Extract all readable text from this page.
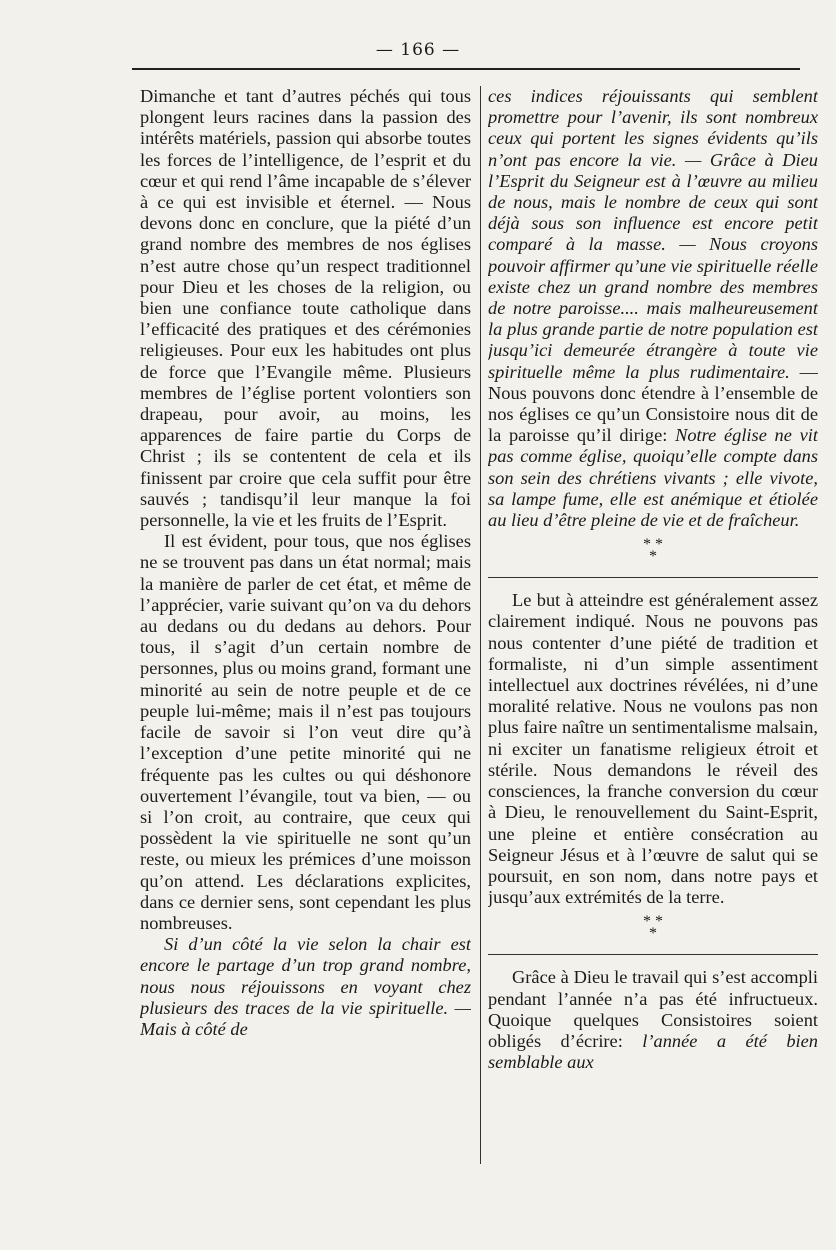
— 166 —

Dimanche et tant d’autres péchés qui tous plongent leurs racines dans la passion des intérêts matériels, passion qui absorbe toutes les forces de l’intelligence, de l’esprit et du cœur et qui rend l’âme incapable de s’élever à ce qui est invisible et éternel. — Nous devons donc en conclure, que la piété d’un grand nombre des membres de nos églises n’est autre chose qu’un respect traditionnel pour Dieu et les choses de la religion, ou bien une confiance toute catholique dans l’efficacité des pratiques et des cérémonies religieuses. Pour eux les habitudes ont plus de force que l’Evangile même. Plusieurs membres de l’église portent volontiers son drapeau, pour avoir, au moins, les apparences de faire partie du Corps de Christ ; ils se contentent de cela et ils finissent par croire que cela suffit pour être sauvés ; tandisqu’il leur manque la foi personnelle, la vie et les fruits de l’Esprit.

Il est évident, pour tous, que nos églises ne se trouvent pas dans un état normal; mais la manière de parler de cet état, et même de l’apprécier, varie suivant qu’on va du dehors au dedans ou du dedans au dehors. Pour tous, il s’agit d’un certain nombre de personnes, plus ou moins grand, formant une minorité au sein de notre peuple et de ce peuple lui-même; mais il n’est pas toujours facile de savoir si l’on veut dire qu’à l’exception d’une petite minorité qui ne fréquente pas les cultes ou qui déshonore ouvertement l’évangile, tout va bien, — ou si l’on croit, au contraire, que ceux qui possèdent la vie spirituelle ne sont qu’un reste, ou mieux les prémices d’une moisson qu’on attend. Les déclarations explicites, dans ce dernier sens, sont cependant les plus nombreuses.

Si d’un côté la vie selon la chair est encore le partage d’un trop grand nombre, nous nous réjouissons en voyant chez plusieurs des traces de la vie spirituelle. — Mais à côté de

ces indices réjouissants qui semblent promettre pour l’avenir, ils sont nombreux ceux qui portent les signes évidents qu’ils n’ont pas encore la vie. — Grâce à Dieu l’Esprit du Seigneur est à l’œuvre au milieu de nous, mais le nombre de ceux qui sont déjà sous son influence est encore petit comparé à la masse. — Nous croyons pouvoir affirmer qu’une vie spirituelle réelle existe chez un grand nombre des membres de notre paroisse.... mais malheureusement la plus grande partie de notre population est jusqu’ici demeurée étrangère à toute vie spirituelle même la plus rudimentaire. — Nous pouvons donc étendre à l’ensemble de nos églises ce qu’un Consistoire nous dit de la paroisse qu’il dirige: Notre église ne vit pas comme église, quoiqu’elle compte dans son sein des chrétiens vivants ; elle vivote, sa lampe fume, elle est anémique et étiolée au lieu d’être pleine de vie et de fraîcheur.

* *
*

Le but à atteindre est généralement assez clairement indiqué. Nous ne pouvons pas nous contenter d’une piété de tradition et formaliste, ni d’un simple assentiment intellectuel aux doctrines révélées, ni d’une moralité relative. Nous ne voulons pas non plus faire naître un sentimentalisme malsain, ni exciter un fanatisme religieux étroit et stérile. Nous demandons le réveil des consciences, la franche conversion du cœur à Dieu, le renouvellement du Saint-Esprit, une pleine et entière consécration au Seigneur Jésus et à l’œuvre de salut qui se poursuit, en son nom, dans notre pays et jusqu’aux extrémités de la terre.

* *
*

Grâce à Dieu le travail qui s’est accompli pendant l’année n’a pas été infructueux. Quoique quelques Consistoires soient obligés d’écrire: l’année a été bien semblable aux
